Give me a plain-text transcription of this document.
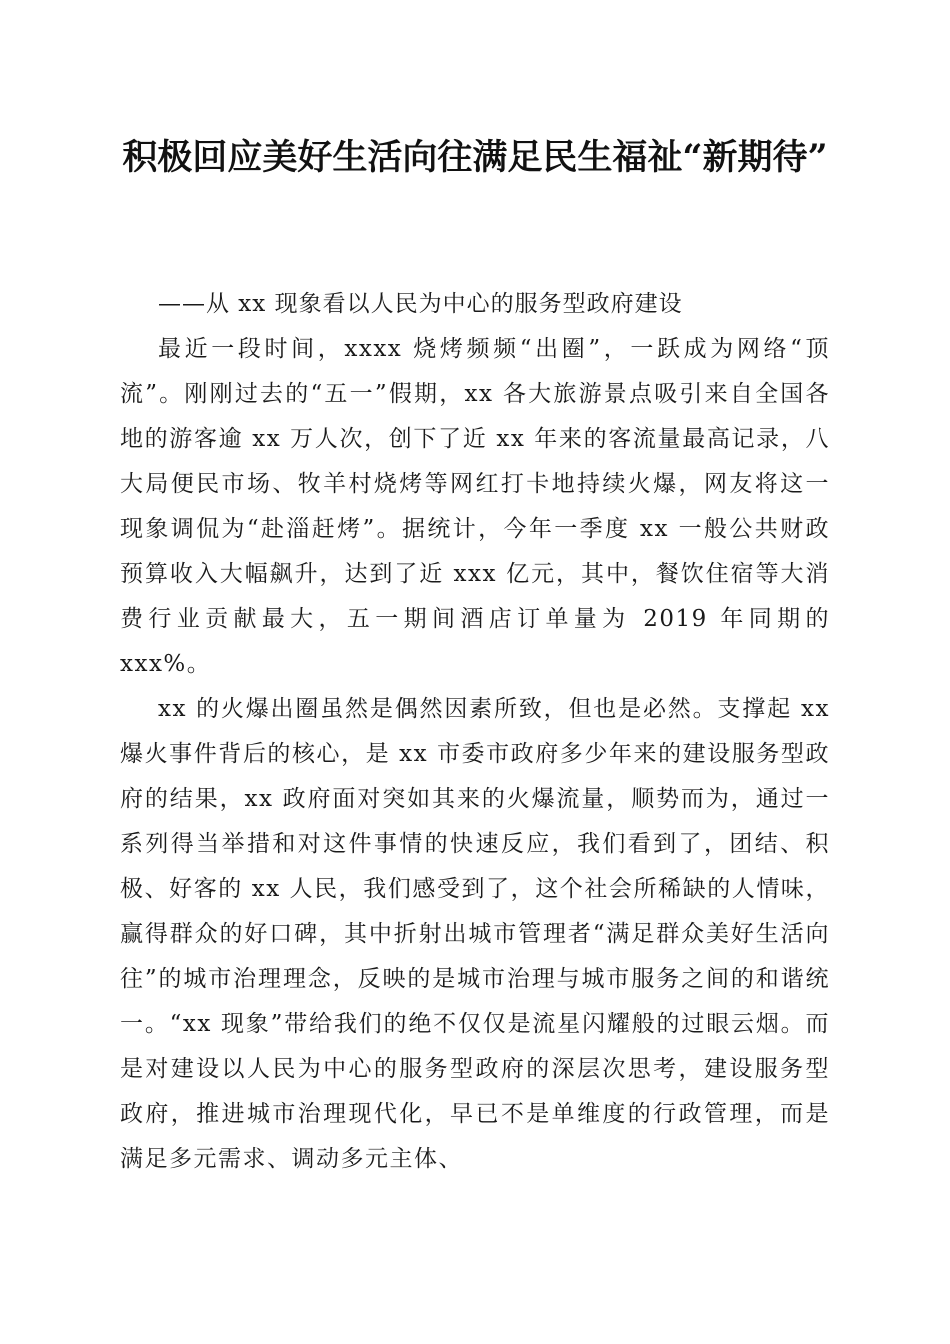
积极回应美好生活向往满足民生福祉“新期待”

——从 xx 现象看以人民为中心的服务型政府建设

最近一段时间，xxxx 烧烤频频“出圈”，一跃成为网络“顶流”。刚刚过去的“五一”假期，xx 各大旅游景点吸引来自全国各地的游客逾 xx 万人次，创下了近 xx 年来的客流量最高记录，八大局便民市场、牧羊村烧烤等网红打卡地持续火爆，网友将这一现象调侃为“赴淄赶烤”。据统计，今年一季度 xx 一般公共财政预算收入大幅飙升，达到了近 xxx 亿元，其中，餐饮住宿等大消费行业贡献最大，五一期间酒店订单量为 2019 年同期的 xxx%。

xx 的火爆出圈虽然是偶然因素所致，但也是必然。支撑起 xx 爆火事件背后的核心，是 xx 市委市政府多少年来的建设服务型政府的结果，xx 政府面对突如其来的火爆流量，顺势而为，通过一系列得当举措和对这件事情的快速反应，我们看到了，团结、积极、好客的 xx 人民，我们感受到了，这个社会所稀缺的人情味，赢得群众的好口碑，其中折射出城市管理者“满足群众美好生活向往”的城市治理理念，反映的是城市治理与城市服务之间的和谐统一。“xx 现象”带给我们的绝不仅仅是流星闪耀般的过眼云烟。而是对建设以人民为中心的服务型政府的深层次思考，建设服务型政府，推进城市治理现代化，早已不是单维度的行政管理，而是满足多元需求、调动多元主体、
